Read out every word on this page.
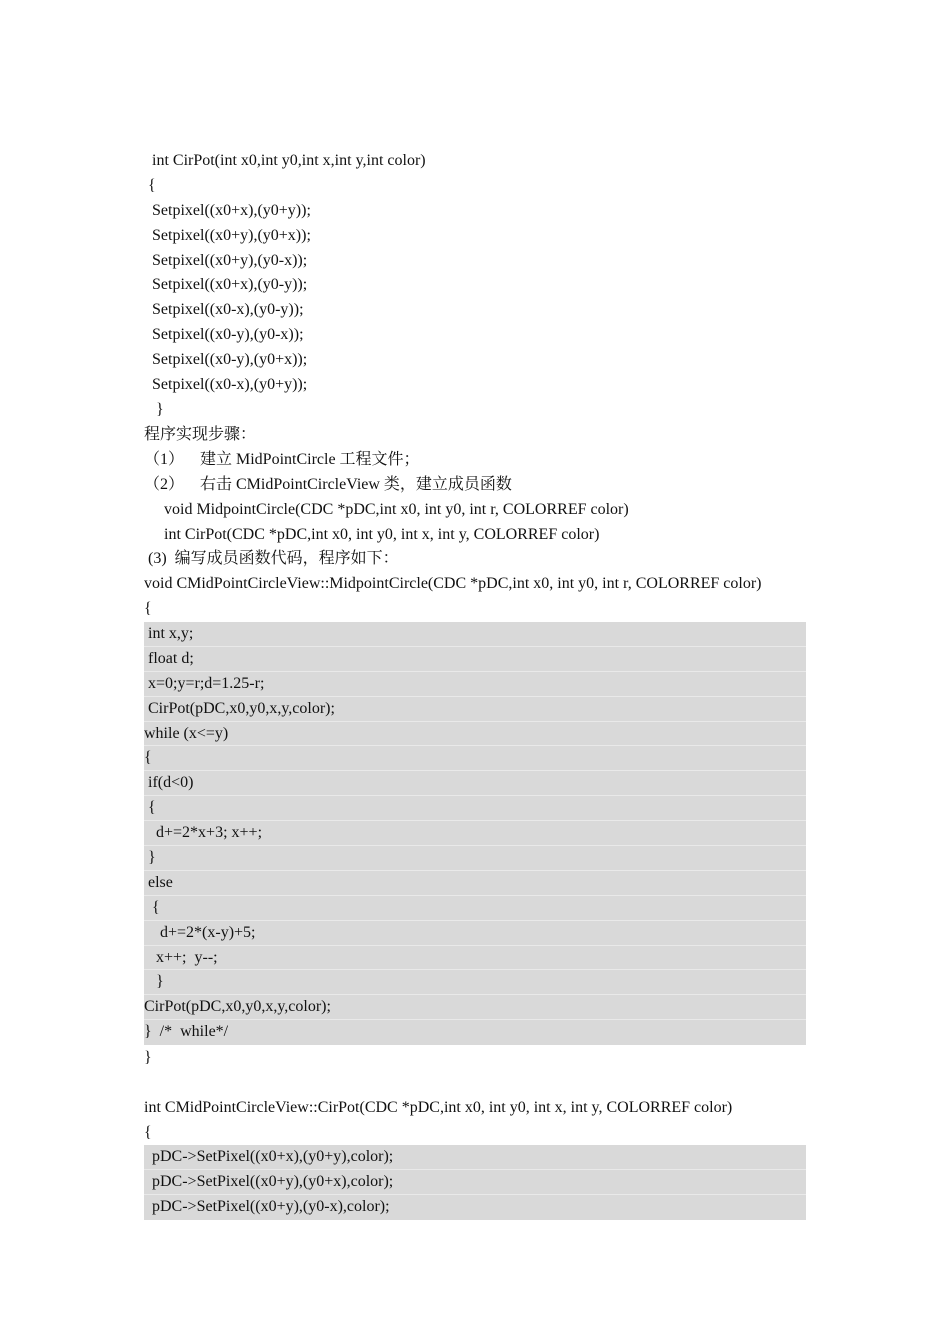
int CirPot(int x0,int y0,int x,int y,int color)
{
Setpixel((x0+x),(y0+y));
Setpixel((x0+y),(y0+x));
Setpixel((x0+y),(y0-x));
Setpixel((x0+x),(y0-y));
Setpixel((x0-x),(y0-y));
Setpixel((x0-y),(y0-x));
Setpixel((x0-y),(y0+x));
Setpixel((x0-x),(y0+y));
}
程序实现步骤：
（1）    建立 MidPointCircle 工程文件；
（2）    右击 CMidPointCircleView 类，建立成员函数
void MidpointCircle(CDC *pDC,int x0, int y0, int r, COLORREF color)
int CirPot(CDC *pDC,int x0, int y0, int x, int y, COLORREF color)
(3)  编写成员函数代码，程序如下：
void CMidPointCircleView::MidpointCircle(CDC *pDC,int x0, int y0, int r, COLORREF color)
{
int x,y;
float d;
x=0;y=r;d=1.25-r;
CirPot(pDC,x0,y0,x,y,color);
while (x<=y)
{
if(d<0)
{
d+=2*x+3; x++;
}
else
{
d+=2*(x-y)+5;
x++;  y--;
}
CirPot(pDC,x0,y0,x,y,color);
}  /*  while*/
}
int CMidPointCircleView::CirPot(CDC *pDC,int x0, int y0, int x, int y, COLORREF color)
{
pDC->SetPixel((x0+x),(y0+y),color);
pDC->SetPixel((x0+y),(y0+x),color);
pDC->SetPixel((x0+y),(y0-x),color);
